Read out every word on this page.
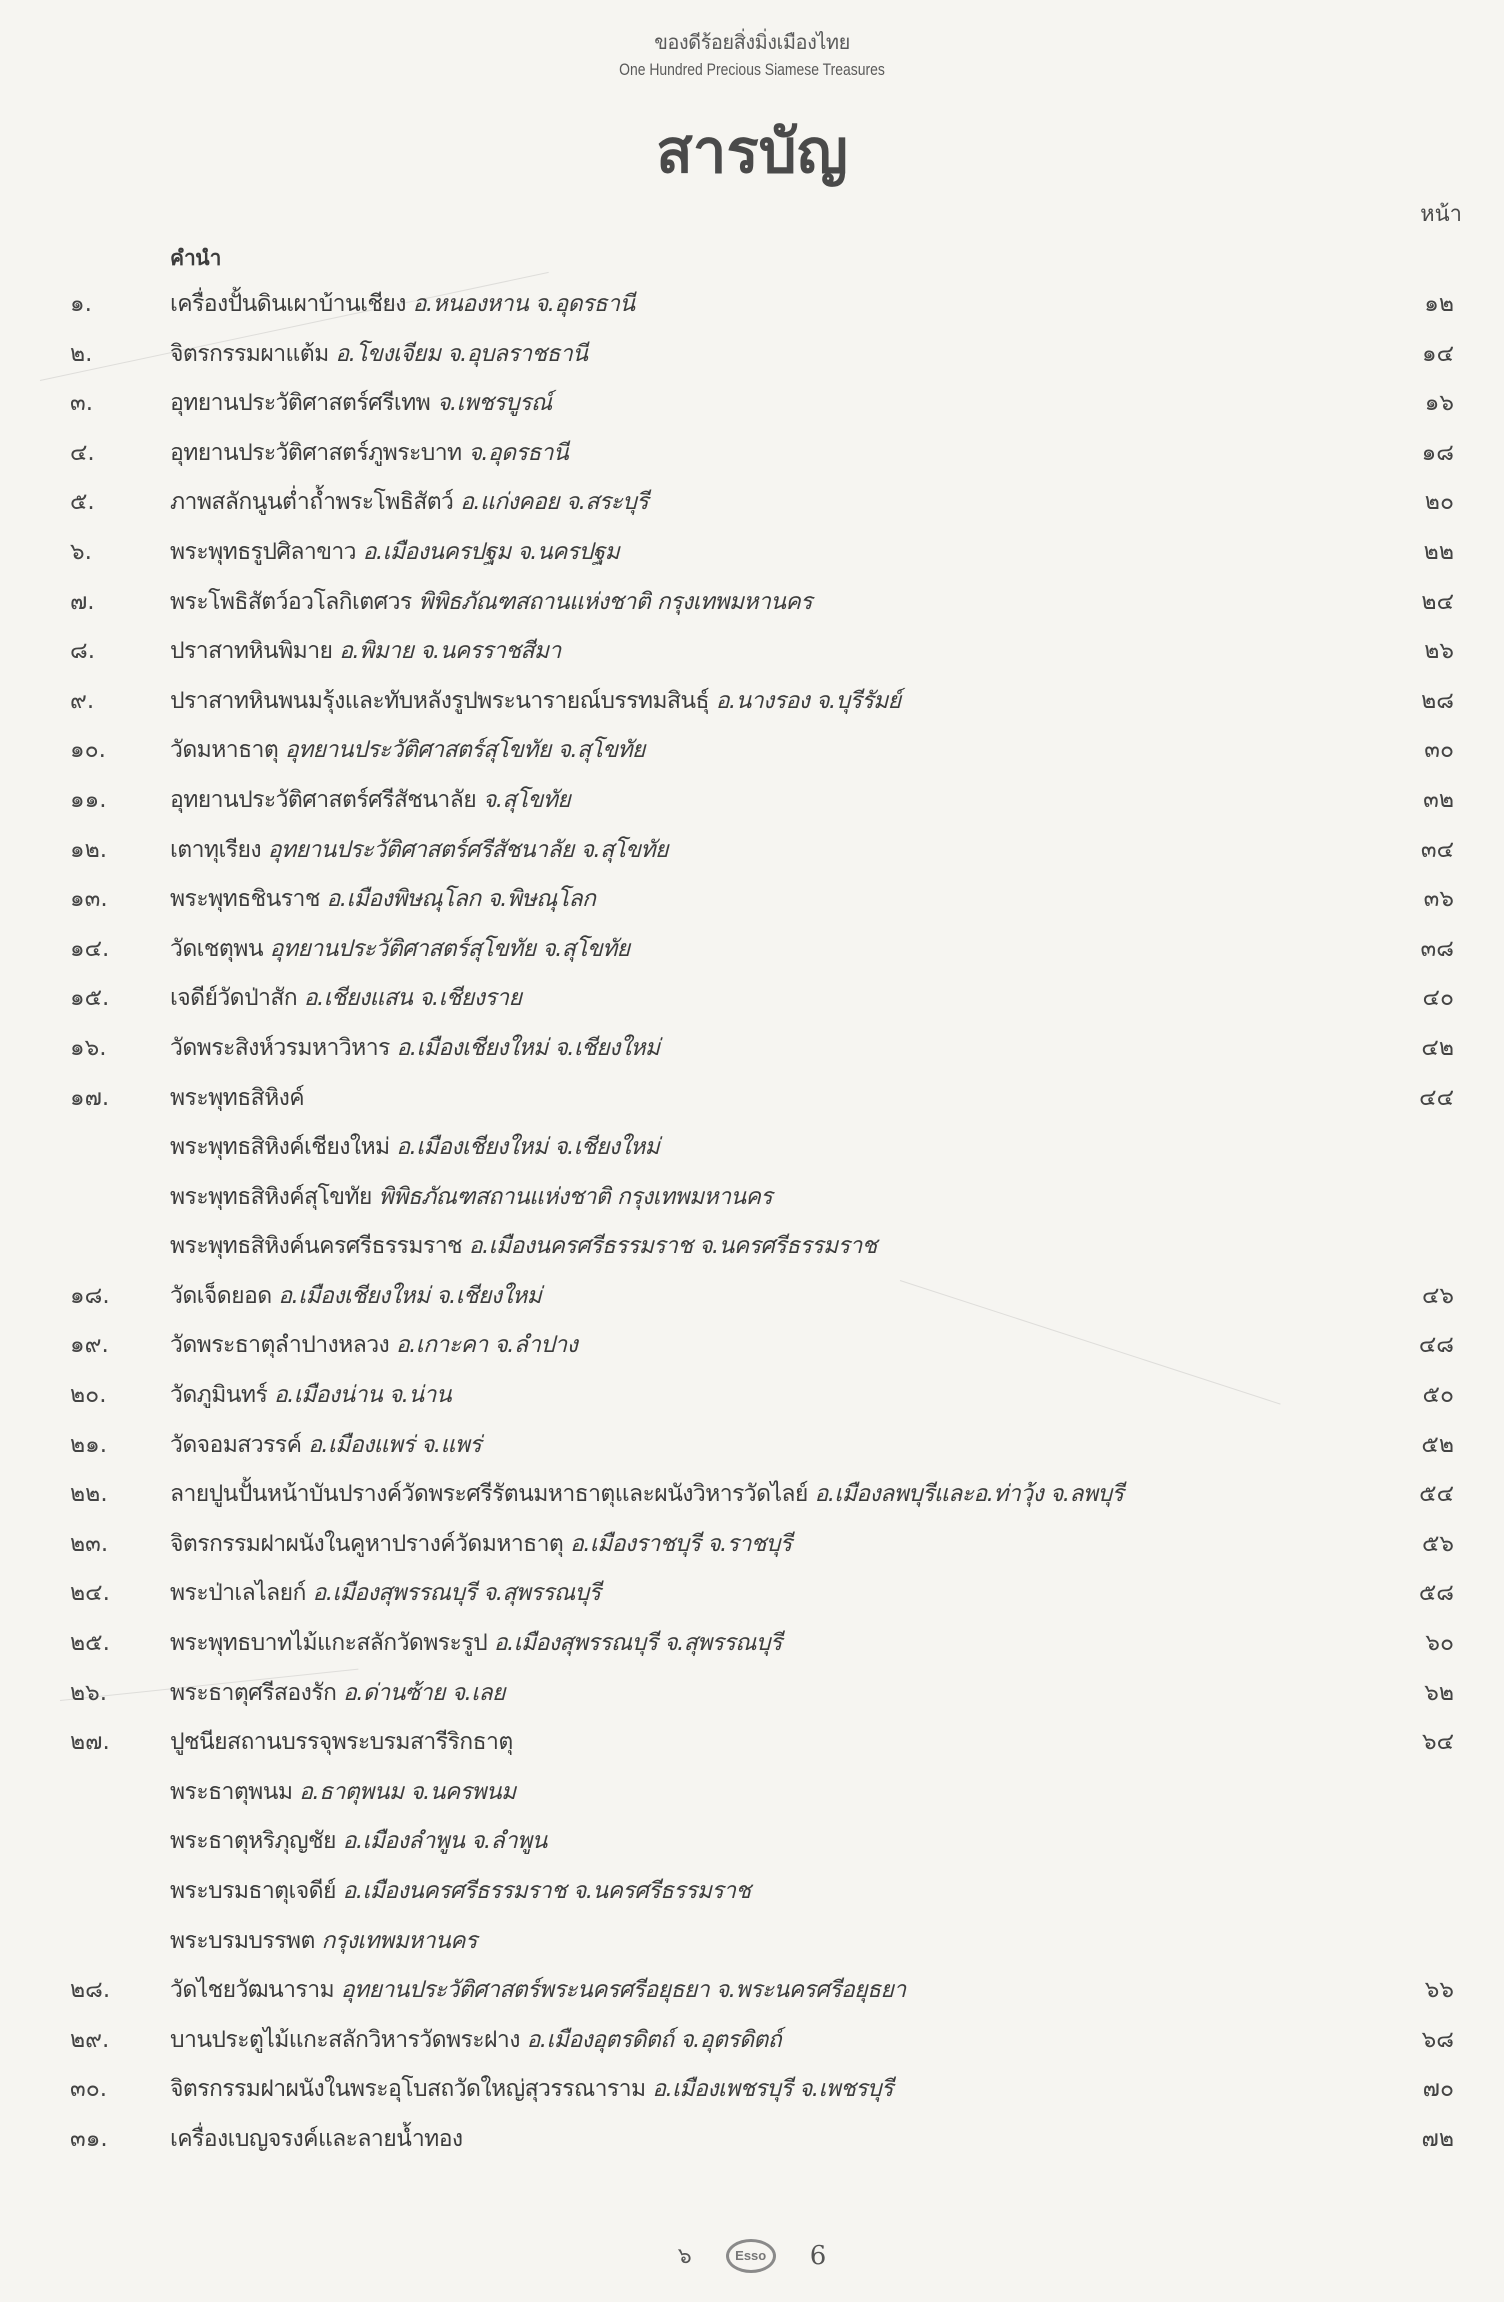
ของดีร้อยสิ่งมิ่งเมืองไทย
One Hundred Precious Siamese Treasures
สารบัญ
หน้า
คำนำ
๑.	เครื่องปั้นดินเผาบ้านเชียง อ.หนองหาน จ.อุดรธานี	๑๒
๒.	จิตรกรรมผาแต้ม อ.โขงเจียม จ.อุบลราชธานี	๑๔
๓.	อุทยานประวัติศาสตร์ศรีเทพ จ.เพชรบูรณ์	๑๖
๔.	อุทยานประวัติศาสตร์ภูพระบาท จ.อุดรธานี	๑๘
๕.	ภาพสลักนูนต่ำถ้ำพระโพธิสัตว์ อ.แก่งคอย จ.สระบุรี	๒๐
๖.	พระพุทธรูปศิลาขาว อ.เมืองนครปฐม จ.นครปฐม	๒๒
๗.	พระโพธิสัตว์อวโลกิเตศวร พิพิธภัณฑสถานแห่งชาติ กรุงเทพมหานคร	๒๔
๘.	ปราสาทหินพิมาย อ.พิมาย จ.นครราชสีมา	๒๖
๙.	ปราสาทหินพนมรุ้งและทับหลังรูปพระนารายณ์บรรทมสินธุ์ อ.นางรอง จ.บุรีรัมย์	๒๘
๑๐.	วัดมหาธาตุ อุทยานประวัติศาสตร์สุโขทัย จ.สุโขทัย	๓๐
๑๑.	อุทยานประวัติศาสตร์ศรีสัชนาลัย จ.สุโขทัย	๓๒
๑๒.	เตาทุเรียง อุทยานประวัติศาสตร์ศรีสัชนาลัย จ.สุโขทัย	๓๔
๑๓.	พระพุทธชินราช อ.เมืองพิษณุโลก จ.พิษณุโลก	๓๖
๑๔.	วัดเชตุพน อุทยานประวัติศาสตร์สุโขทัย จ.สุโขทัย	๓๘
๑๕.	เจดีย์วัดป่าสัก อ.เชียงแสน จ.เชียงราย	๔๐
๑๖.	วัดพระสิงห์วรมหาวิหาร อ.เมืองเชียงใหม่ จ.เชียงใหม่	๔๒
๑๗.	พระพุทธสิหิงค์	๔๔
พระพุทธสิหิงค์เชียงใหม่ อ.เมืองเชียงใหม่ จ.เชียงใหม่
พระพุทธสิหิงค์สุโขทัย พิพิธภัณฑสถานแห่งชาติ กรุงเทพมหานคร
พระพุทธสิหิงค์นครศรีธรรมราช อ.เมืองนครศรีธรรมราช จ.นครศรีธรรมราช
๑๘.	วัดเจ็ดยอด อ.เมืองเชียงใหม่ จ.เชียงใหม่	๔๖
๑๙.	วัดพระธาตุลำปางหลวง อ.เกาะคา จ.ลำปาง	๔๘
๒๐.	วัดภูมินทร์ อ.เมืองน่าน จ.น่าน	๕๐
๒๑.	วัดจอมสวรรค์ อ.เมืองแพร่ จ.แพร่	๕๒
๒๒.	ลายปูนปั้นหน้าบันปรางค์วัดพระศรีรัตนมหาธาตุและผนังวิหารวัดไลย์ อ.เมืองลพบุรีและอ.ท่าวุ้ง จ.ลพบุรี	๕๔
๒๓.	จิตรกรรมฝาผนังในคูหาปรางค์วัดมหาธาตุ อ.เมืองราชบุรี จ.ราชบุรี	๕๖
๒๔.	พระป่าเลไลยก์ อ.เมืองสุพรรณบุรี จ.สุพรรณบุรี	๕๘
๒๕.	พระพุทธบาทไม้แกะสลักวัดพระรูป อ.เมืองสุพรรณบุรี จ.สุพรรณบุรี	๖๐
๒๖.	พระธาตุศรีสองรัก อ.ด่านซ้าย จ.เลย	๖๒
๒๗.	ปูชนียสถานบรรจุพระบรมสารีริกธาตุ	๖๔
พระธาตุพนม อ.ธาตุพนม จ.นครพนม
พระธาตุหริภุญชัย อ.เมืองลำพูน จ.ลำพูน
พระบรมธาตุเจดีย์ อ.เมืองนครศรีธรรมราช จ.นครศรีธรรมราช
พระบรมบรรพต กรุงเทพมหานคร
๒๘.	วัดไชยวัฒนาราม อุทยานประวัติศาสตร์พระนครศรีอยุธยา จ.พระนครศรีอยุธยา	๖๖
๒๙.	บานประตูไม้แกะสลักวิหารวัดพระฝาง อ.เมืองอุตรดิตถ์ จ.อุตรดิตถ์	๖๘
๓๐.	จิตรกรรมฝาผนังในพระอุโบสถวัดใหญ่สุวรรณาราม อ.เมืองเพชรบุรี จ.เพชรบุรี	๗๐
๓๑.	เครื่องเบญจรงค์และลายน้ำทอง	๗๒
๖	Esso 6
